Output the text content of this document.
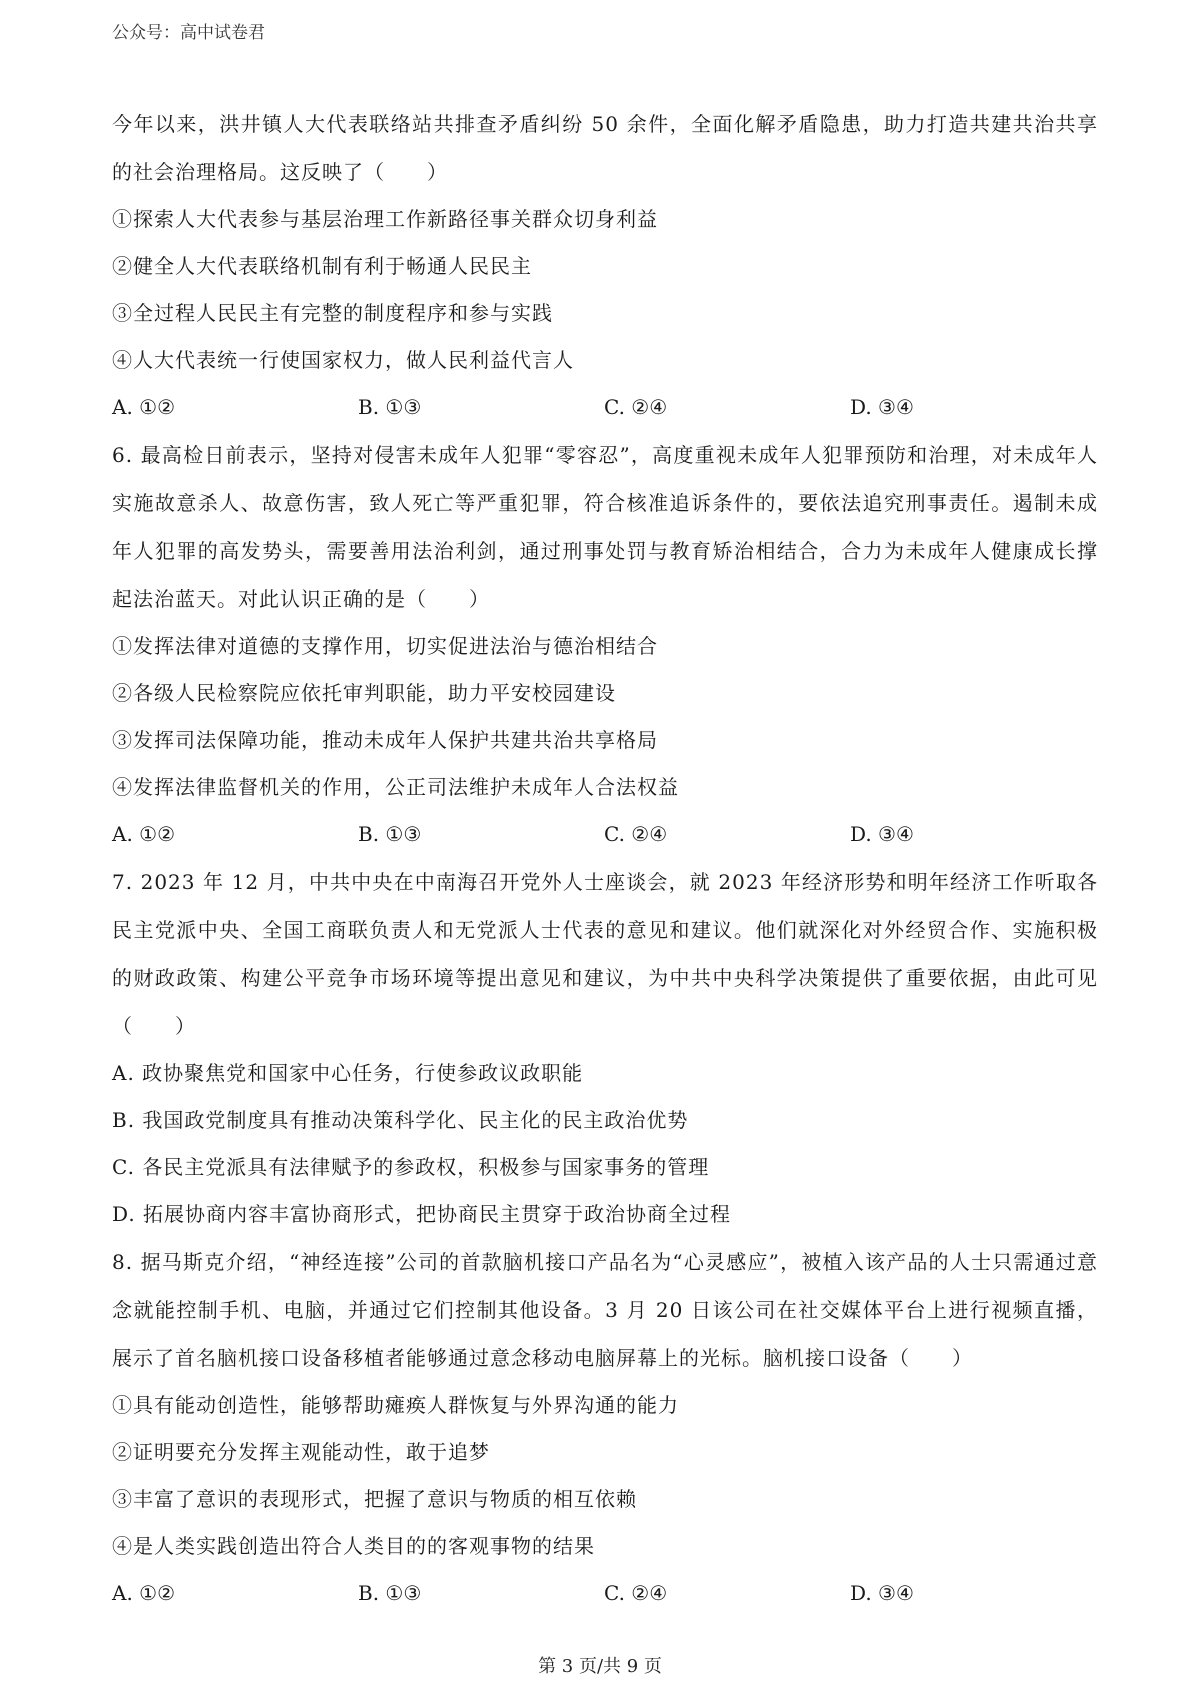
公众号：高中试卷君

今年以来，洪井镇人大代表联络站共排查矛盾纠纷 50 余件，全面化解矛盾隐患，助力打造共建共治共享的社会治理格局。这反映了（　　）

①探索人大代表参与基层治理工作新路径事关群众切身利益

②健全人大代表联络机制有利于畅通人民民主

③全过程人民民主有完整的制度程序和参与实践

④人大代表统一行使国家权力，做人民利益代言人

A. ①②	B. ①③	C. ②④	D. ③④

6. 最高检日前表示，坚持对侵害未成年人犯罪“零容忍”，高度重视未成年人犯罪预防和治理，对未成年人实施故意杀人、故意伤害，致人死亡等严重犯罪，符合核准追诉条件的，要依法追究刑事责任。遏制未成年人犯罪的高发势头，需要善用法治利剑，通过刑事处罚与教育矫治相结合，合力为未成年人健康成长撑起法治蓝天。对此认识正确的是（　　）

①发挥法律对道德的支撑作用，切实促进法治与德治相结合

②各级人民检察院应依托审判职能，助力平安校园建设

③发挥司法保障功能，推动未成年人保护共建共治共享格局

④发挥法律监督机关的作用，公正司法维护未成年人合法权益

A. ①②	B. ①③	C. ②④	D. ③④

7. 2023 年 12 月，中共中央在中南海召开党外人士座谈会，就 2023 年经济形势和明年经济工作听取各民主党派中央、全国工商联负责人和无党派人士代表的意见和建议。他们就深化对外经贸合作、实施积极的财政政策、构建公平竞争市场环境等提出意见和建议，为中共中央科学决策提供了重要依据，由此可见（　　）

A. 政协聚焦党和国家中心任务，行使参政议政职能

B. 我国政党制度具有推动决策科学化、民主化的民主政治优势

C. 各民主党派具有法律赋予的参政权，积极参与国家事务的管理

D. 拓展协商内容丰富协商形式，把协商民主贯穿于政治协商全过程

8. 据马斯克介绍，“神经连接”公司的首款脑机接口产品名为“心灵感应”，被植入该产品的人士只需通过意念就能控制手机、电脑，并通过它们控制其他设备。3 月 20 日该公司在社交媒体平台上进行视频直播，展示了首名脑机接口设备移植者能够通过意念移动电脑屏幕上的光标。脑机接口设备（　　）

①具有能动创造性，能够帮助瘫痪人群恢复与外界沟通的能力

②证明要充分发挥主观能动性，敢于追梦

③丰富了意识的表现形式，把握了意识与物质的相互依赖

④是人类实践创造出符合人类目的的客观事物的结果

A. ①②	B. ①③	C. ②④	D. ③④
第 3 页/共 9 页
